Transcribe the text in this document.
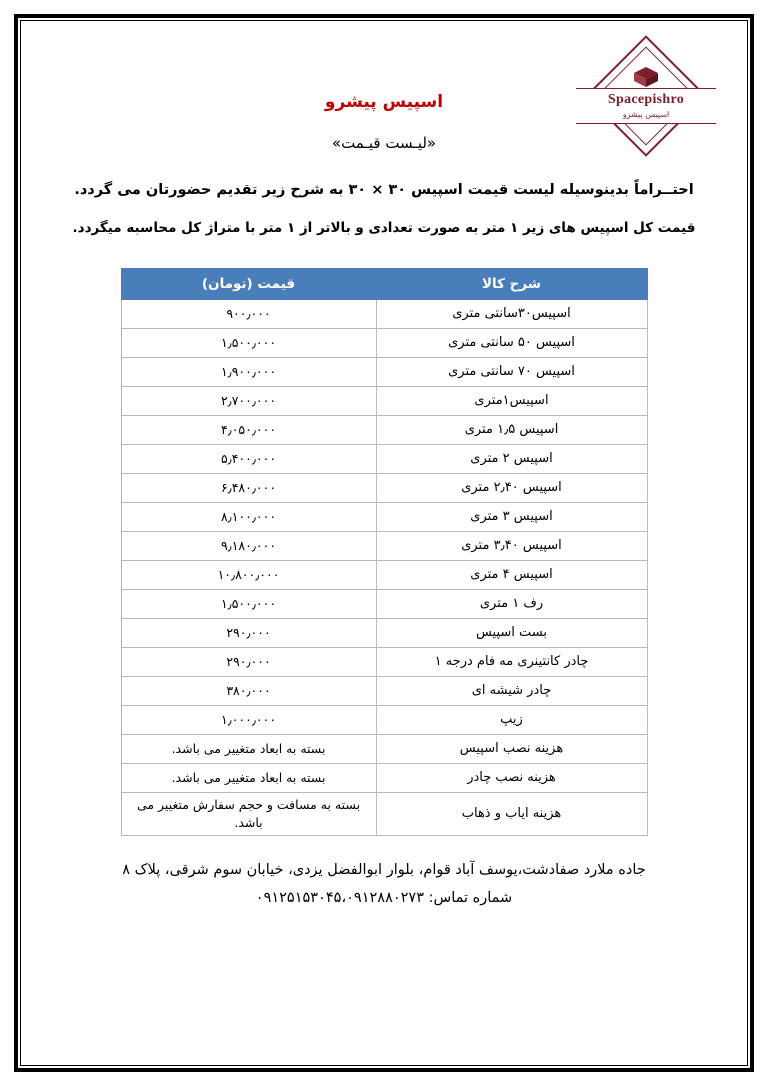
Spacepishro
اسپیس پیشرو
اسپیس پیشرو
«لیـست قیـمت»
احتــراماً بدینوسیله لیست قیمت اسپیس ۳۰ × ۳۰ به شرح زیر تقدیم حضورتان می گردد.
قیمت کل اسپیس های زیر ۱ متر به صورت تعدادی و بالاتر از ۱ متر با متراژ کل محاسبه میگردد.
شرح کالا	قیمت (تومان)
اسپیس۳۰سانتی متری	۹۰۰٫۰۰۰
اسپیس ۵۰ سانتی متری	۱٫۵۰۰٫۰۰۰
اسپیس ۷۰ سانتی متری	۱٫۹۰۰٫۰۰۰
اسپیس۱متری	۲٫۷۰۰٫۰۰۰
اسپیس ۱٫۵ متری	۴٫۰۵۰٫۰۰۰
اسپیس ۲ متری	۵٫۴۰۰٫۰۰۰
اسپیس ۲٫۴۰ متری	۶٫۴۸۰٫۰۰۰
اسپیس ۳ متری	۸٫۱۰۰٫۰۰۰
اسپیس ۳٫۴۰ متری	۹٫۱۸۰٫۰۰۰
اسپیس ۴ متری	۱۰٫۸۰۰٫۰۰۰
رف ۱ متری	۱٫۵۰۰٫۰۰۰
بست اسپیس	۲۹۰٫۰۰۰
چادر کانتینری مه فام درجه ۱	۲۹۰٫۰۰۰
چادر شیشه ای	۳۸۰٫۰۰۰
زیپ	۱٫۰۰۰٫۰۰۰
هزینه نصب اسپیس	بسته به ابعاد متغییر می باشد.
هزینه نصب چادر	بسته به ابعاد متغییر می باشد.
هزینه ایاب و ذهاب	بسته به مسافت و حجم سفارش متغییر می باشد.
جاده ملارد صفادشت،یوسف آباد قوام، بلوار ابوالفضل یزدی، خیابان سوم شرقی، پلاک ۸
شماره تماس: ۰۹۱۲۵۱۵۳۰۴۵،۰۹۱۲۸۸۰۲۷۳
